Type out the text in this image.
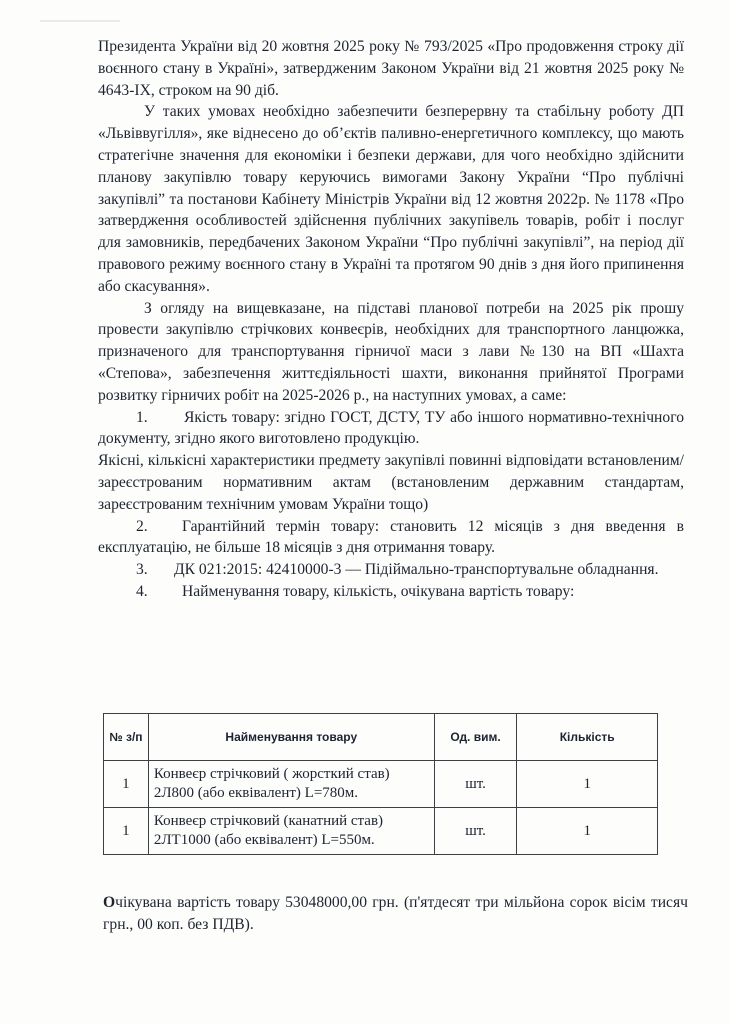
Президента України від 20 жовтня 2025 року № 793/2025 «Про продовження строку дії воєнного стану в Україні», затвердженим Законом України від 21 жовтня 2025 року № 4643-ІХ, строком на 90 діб.

У таких умовах необхідно забезпечити безперервну та стабільну роботу ДП «Львіввугілля», яке віднесено до об’єктів паливно-енергетичного комплексу, що мають стратегічне значення для економіки і безпеки держави, для чого необхідно здійснити планову закупівлю товару керуючись вимогами Закону України “Про публічні закупівлі” та постанови Кабінету Міністрів України від 12 жовтня 2022р. № 1178 «Про затвердження особливостей здійснення публічних закупівель товарів, робіт і послуг для замовників, передбачених Законом України “Про публічні закупівлі”, на період дії правового режиму воєнного стану в Україні та протягом 90 днів з дня його припинення або скасування».

З огляду на вищевказане, на підставі планової потреби на 2025 рік прошу провести закупівлю стрічкових конвеєрів, необхідних для транспортного ланцюжка, призначеного для транспортування гірничої маси з лави №130 на ВП «Шахта «Степова», забезпечення життєдіяльності шахти, виконання прийнятої Програми розвитку гірничих робіт на 2025-2026 р., на наступних умовах, а саме:

1. Якість товару: згідно ГОСТ, ДСТУ, ТУ або іншого нормативно-технічного документу, згідно якого виготовлено продукцію.

Якісні, кількісні характеристики предмету закупівлі повинні відповідати встановленим/зареєстрованим нормативним актам (встановленим державним стандартам, зареєстрованим технічним умовам України тощо)

2. Гарантійний термін товару: становить 12 місяців з дня введення в експлуатацію, не більше 18 місяців з дня отримання товару.

3. ДК 021:2015: 42410000-3 — Підіймально-транспортувальне обладнання.

4. Найменування товару, кількість, очікувана вартість товару:

№ з/п	Найменування товару	Од. вим.	Кількість
1	Конвеєр стрічковий ( жорсткий став) 2Л800 (або еквівалент) L=780м.	шт.	1
1	Конвеєр стрічковий (канатний став) 2ЛТ1000 (або еквівалент) L=550м.	шт.	1

Очікувана вартість товару 53048000,00 грн. (п'ятдесят три мільйона сорок вісім тисяч грн., 00 коп. без ПДВ).
